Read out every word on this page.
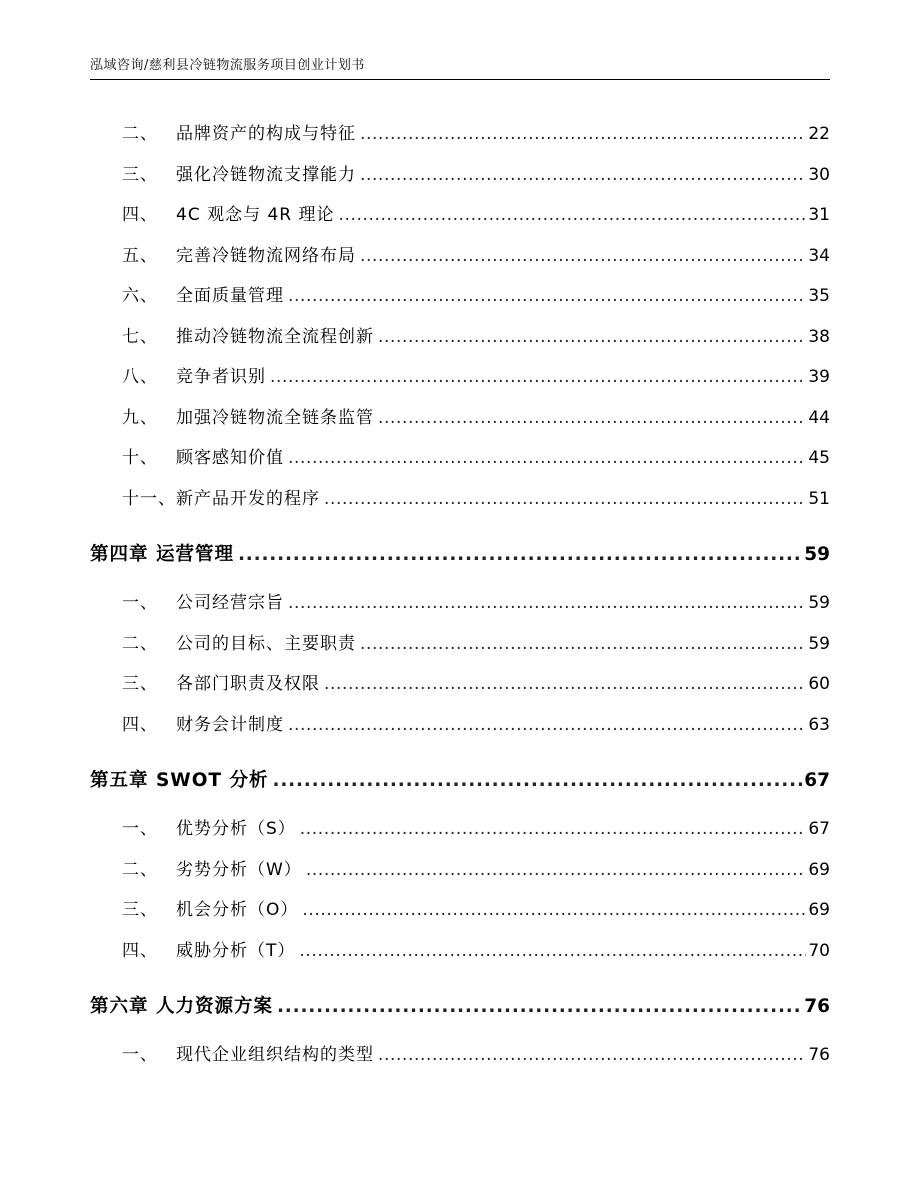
泓域咨询/慈利县冷链物流服务项目创业计划书
二、 品牌资产的构成与特征 .....	22
三、 强化冷链物流支撑能力 .....	30
四、 4C 观念与 4R 理论 .....	31
五、 完善冷链物流网络布局 .....	34
六、 全面质量管理 .....	35
七、 推动冷链物流全流程创新 .....	38
八、 竞争者识别 .....	39
九、 加强冷链物流全链条监管 .....	44
十、 顾客感知价值 .....	45
十一、新产品开发的程序 .....	51
第四章 运营管理 .....	59
一、 公司经营宗旨 .....	59
二、 公司的目标、主要职责 .....	59
三、 各部门职责及权限 .....	60
四、 财务会计制度 .....	63
第五章 SWOT 分析 .....	67
一、 优势分析（S） .....	67
二、 劣势分析（W） .....	69
三、 机会分析（O） .....	69
四、 威胁分析（T） .....	70
第六章 人力资源方案 .....	76
一、 现代企业组织结构的类型 .....	76
